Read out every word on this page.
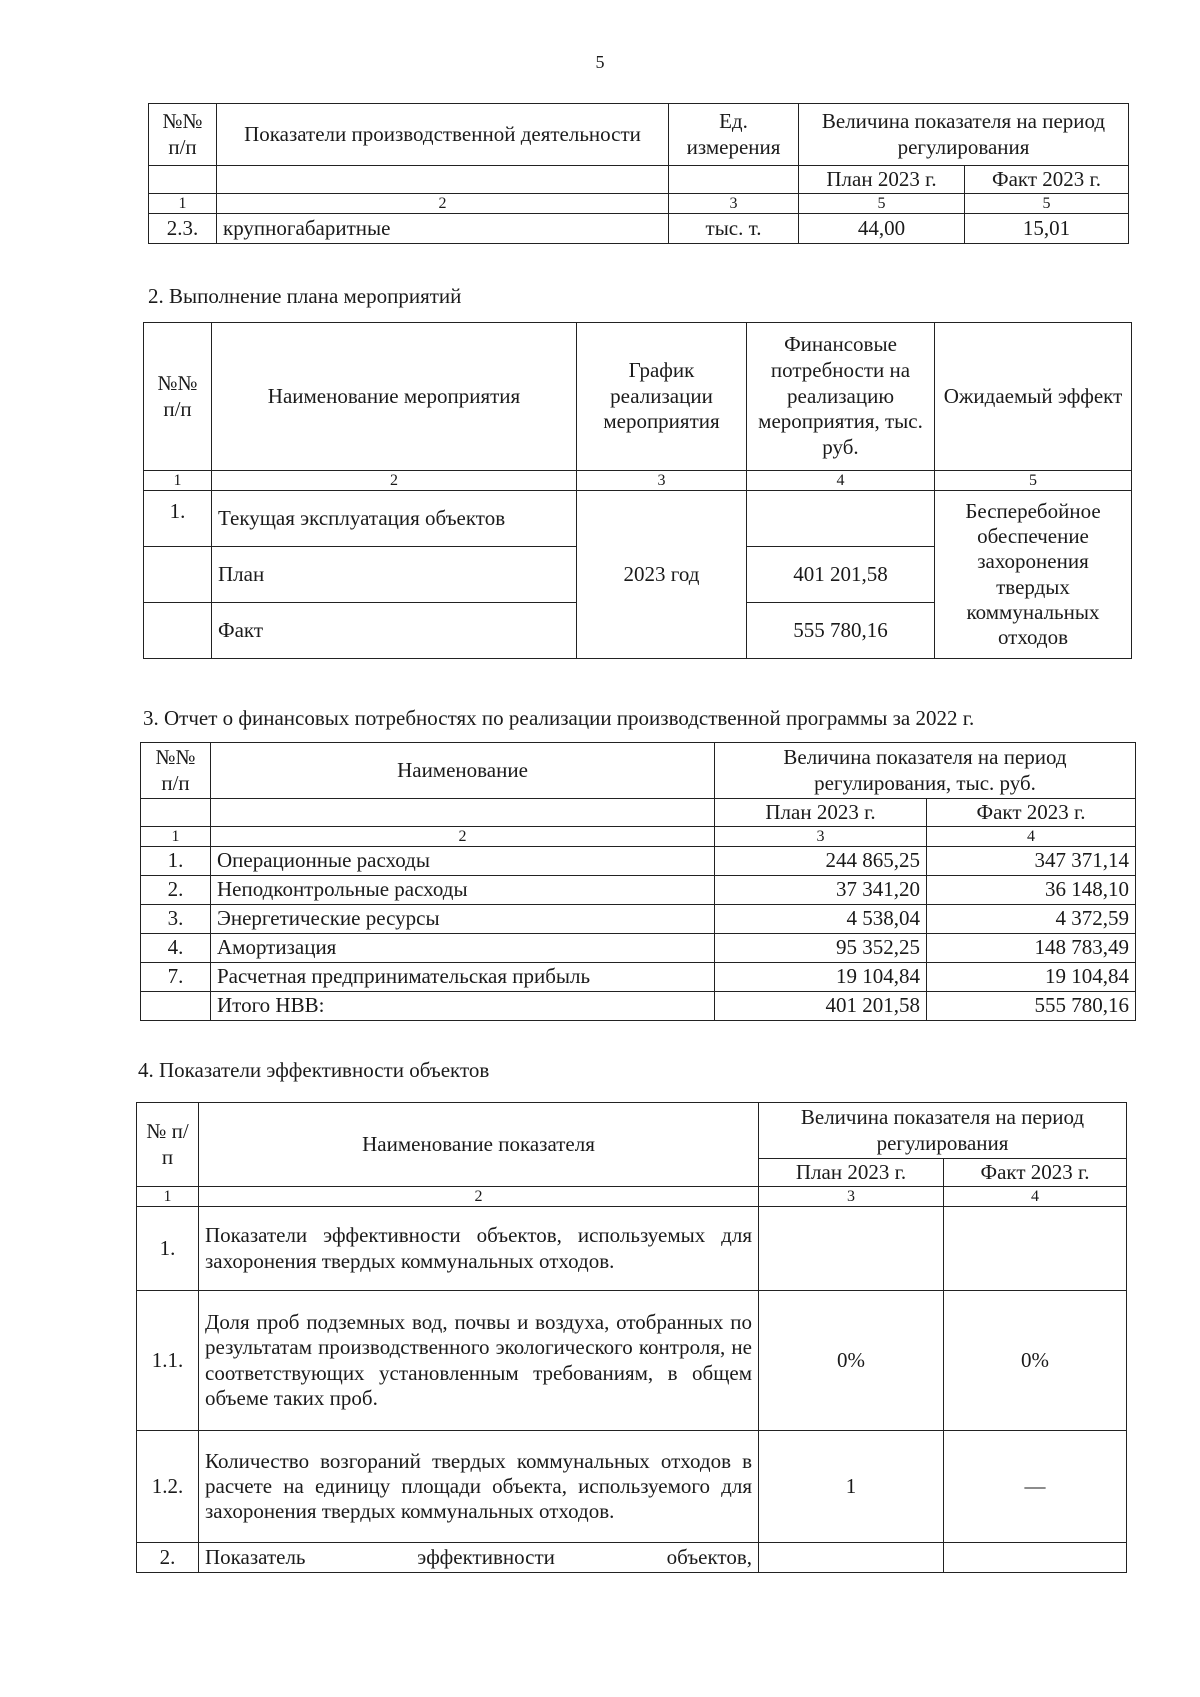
5
№№ п/п	Показатели производственной деятельности	Ед. измерения	Величина показателя на период регулирования	

			План 2023 г.	Факт 2023 г.
1	2	3	5	5
2.3.	крупногабаритные	тыс. т.	44,00	15,01
2. Выполнение плана мероприятий
№№ п/п	Наименование мероприятия	График реализации мероприятия	Финансовые потребности на реализацию мероприятия, тыс. руб.	Ожидаемый эффект
1	2	3	4	5
1.	Текущая эксплуатация объектов	2023 год		Бесперебойное обеспечение захоронения твердых коммунальных отходов
	План		401 201,58	
	Факт		555 780,16	
3. Отчет о финансовых потребностях по реализации производственной программы за 2022 г.
№№ п/п	Наименование	Величина показателя на период регулирования, тыс. руб.	
		План 2023 г.	Факт 2023 г.
1	2	3	4
1.	Операционные расходы	244 865,25	347 371,14
2.	Неподконтрольные расходы	37 341,20	36 148,10
3.	Энергетические ресурсы	4 538,04	4 372,59
4.	Амортизация	95 352,25	148 783,49
7.	Расчетная предпринимательская прибыль	19 104,84	19 104,84
	Итого НВВ:	401 201,58	555 780,16
4. Показатели эффективности объектов
№ п/п	Наименование показателя	Величина показателя на период регулирования	
		План 2023 г.	Факт 2023 г.
1	2	3	4
1.	Показатели эффективности объектов, используемых для захоронения твердых коммунальных отходов.		
1.1.	Доля проб подземных вод, почвы и воздуха, отобранных по результатам производственного экологического контроля, не соответствующих установленным требованиям, в общем объеме таких проб.	0%	0%
1.2.	Количество возгораний твердых коммунальных отходов в расчете на единицу площади объекта, используемого для захоронения твердых коммунальных отходов.	1	—
2.	Показатель эффективности объектов,		
